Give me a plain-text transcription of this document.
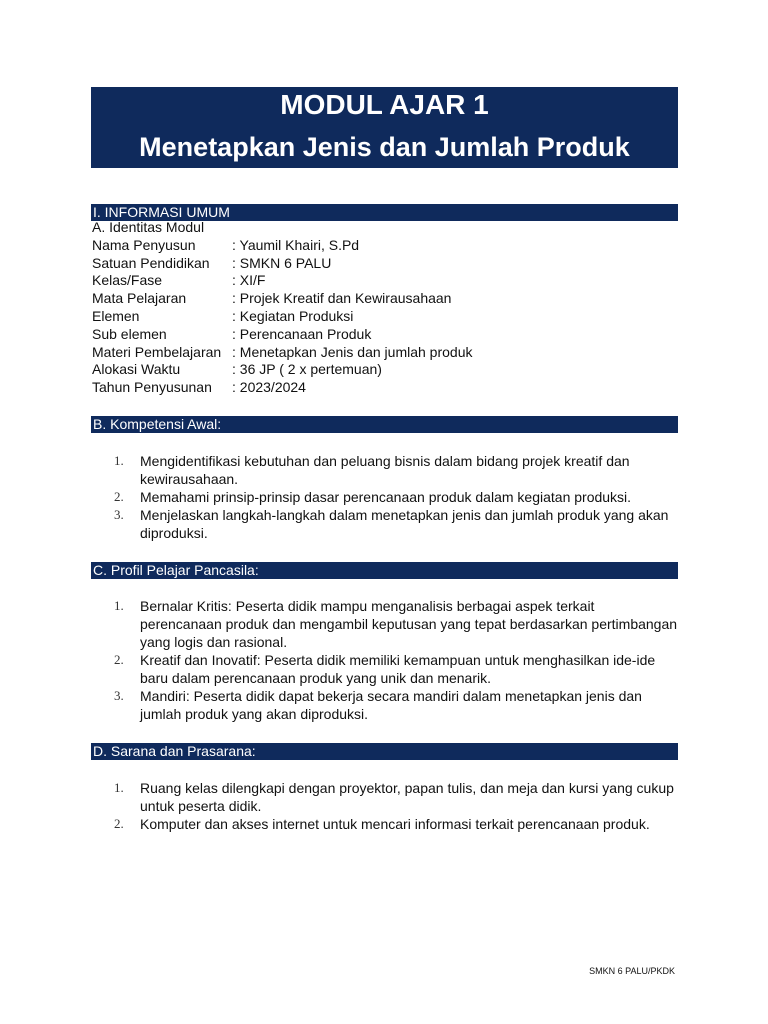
MODUL AJAR 1
Menetapkan Jenis dan Jumlah Produk
I. INFORMASI UMUM
A. Identitas Modul
Nama Penyusun	: Yaumil Khairi, S.Pd
Satuan Pendidikan : SMKN 6 PALU
Kelas/Fase	: XI/F
Mata Pelajaran	: Projek Kreatif dan Kewirausahaan
Elemen	: Kegiatan Produksi
Sub elemen	: Perencanaan Produk
Materi Pembelajaran : Menetapkan Jenis dan jumlah produk
Alokasi Waktu	: 36 JP ( 2 x pertemuan)
Tahun Penyusunan : 2023/2024
B. Kompetensi Awal:
1. Mengidentifikasi kebutuhan dan peluang bisnis dalam bidang projek kreatif dan kewirausahaan.
2. Memahami prinsip-prinsip dasar perencanaan produk dalam kegiatan produksi.
3. Menjelaskan langkah-langkah dalam menetapkan jenis dan jumlah produk yang akan diproduksi.
C. Profil Pelajar Pancasila:
1. Bernalar Kritis: Peserta didik mampu menganalisis berbagai aspek terkait perencanaan produk dan mengambil keputusan yang tepat berdasarkan pertimbangan yang logis dan rasional.
2. Kreatif dan Inovatif: Peserta didik memiliki kemampuan untuk menghasilkan ide-ide baru dalam perencanaan produk yang unik dan menarik.
3. Mandiri: Peserta didik dapat bekerja secara mandiri dalam menetapkan jenis dan jumlah produk yang akan diproduksi.
D. Sarana dan Prasarana:
1. Ruang kelas dilengkapi dengan proyektor, papan tulis, dan meja dan kursi yang cukup untuk peserta didik.
2. Komputer dan akses internet untuk mencari informasi terkait perencanaan produk.
SMKN 6 PALU/PKDK
